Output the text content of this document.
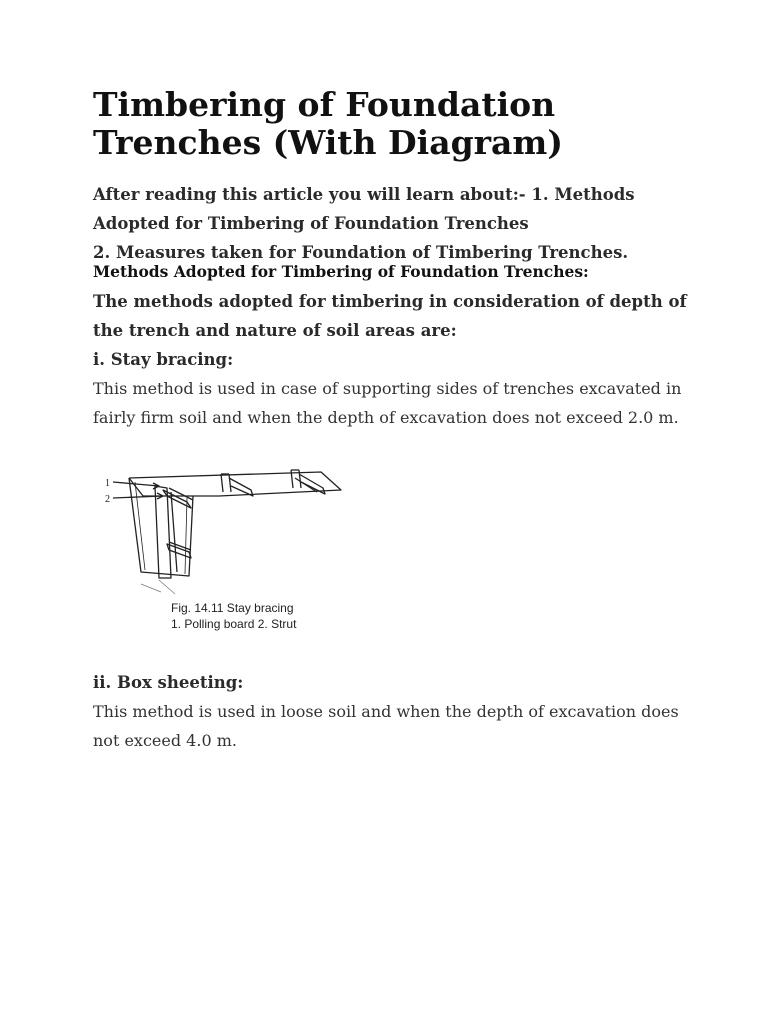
Timbering of Foundation Trenches (With Diagram)

After reading this article you will learn about:- 1. Methods Adopted for Timbering of Foundation Trenches

2. Measures taken for Foundation of Timbering Trenches.

Methods Adopted for Timbering of Foundation Trenches:

The methods adopted for timbering in consideration of depth of the trench and nature of soil areas are:

i. Stay bracing:

This method is used in case of supporting sides of trenches excavated in fairly firm soil and when the depth of excavation does not exceed 2.0 m.

1
2
Fig. 14.11 Stay bracing
1. Polling board 2. Strut

ii. Box sheeting:

This method is used in loose soil and when the depth of excavation does not exceed 4.0 m.
